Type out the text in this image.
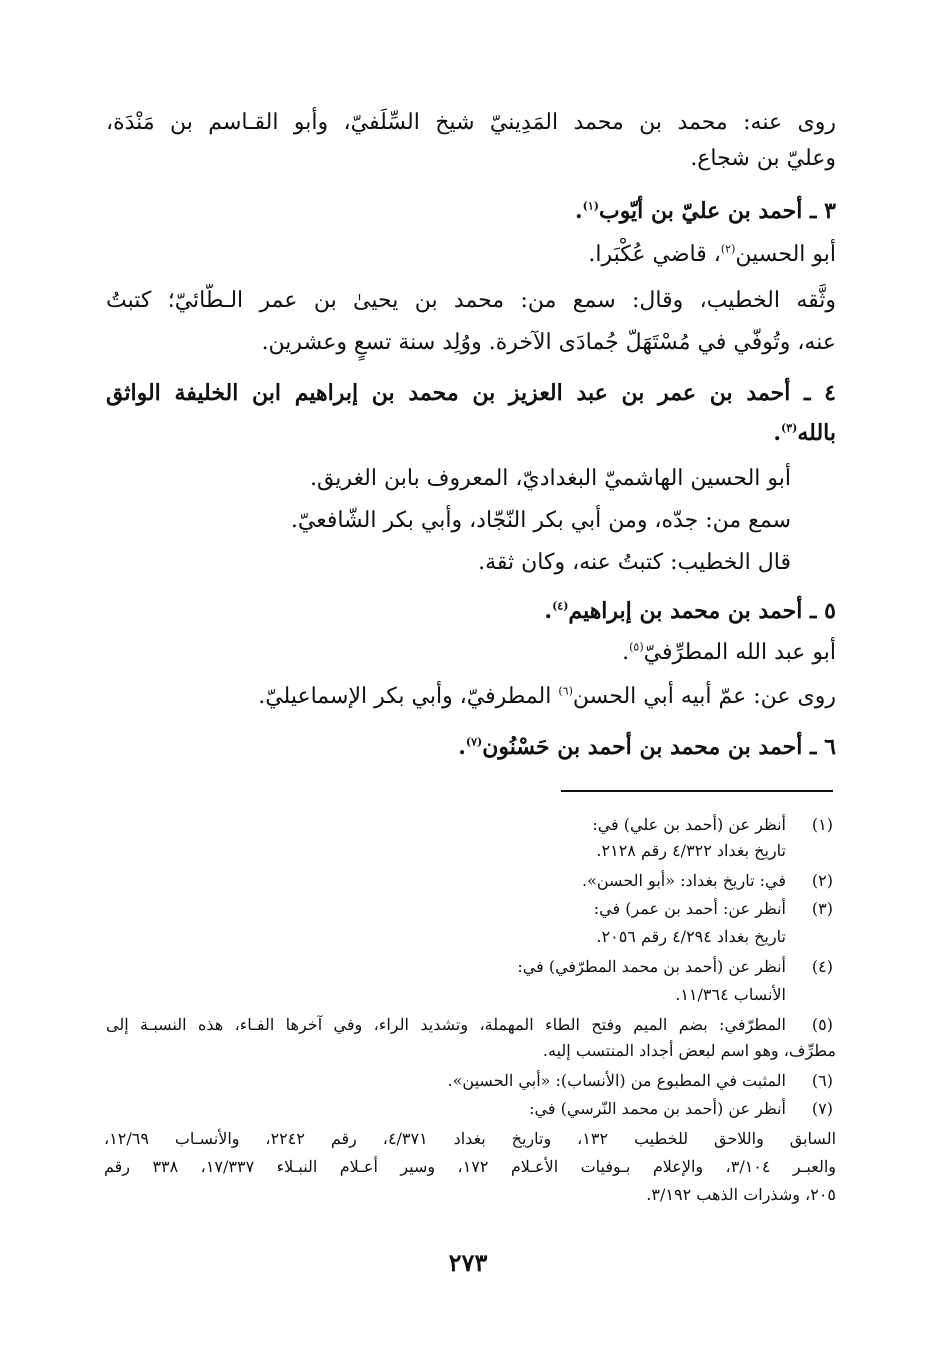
روى عنه: محمد بن محمد المَدِينيّ شيخ السِّلَفيّ، وأبو القـاسم بن مَنْدَة،
وعليّ بن شجاع.
٣ ـ أحمد بن عليّ بن أيّوب$^{(١)}$.
أبو الحسين$^{(٢)}$، قاضي عُكْبَرا.
وثَّقه الخطيب، وقال: سمع من: محمد بن يحيىٰ بن عمر الـطّائيّ؛ كتبتُ
عنه، وتُوفّي في مُسْتَهَلّ جُمادَى الآخرة. ووُلِد سنة تسعٍ وعشرين.
٤ ـ أحمد بن عمر بن عبد العزيز بن محمد بن إبراهيم ابن الخليفة الواثق
بالله$^{(٣)}$.
أبو الحسين الهاشميّ البغداديّ، المعروف بابن الغريق.
سمع من: جدّه، ومن أبي بكر النّجّاد، وأبي بكر الشّافعيّ.
قال الخطيب: كتبتُ عنه، وكان ثقة.
٥ ـ أحمد بن محمد بن إبراهيم$^{(٤)}$.
أبو عبد الله المطرِّفيّ$^{(٥)}$.
روى عن: عمّ أبيه أبي الحسن$^{(٦)}$ المطرفيّ، وأبي بكر الإسماعيليّ.
٦ ـ أحمد بن محمد بن أحمد بن حَسْنُون$^{(٧)}$.
(١)
أنظر عن (أحمد بن علي) في:
تاريخ بغداد ٤/٣٢٢ رقم ٢١٢٨.
(٢)
في: تاريخ بغداد: «أبو الحسن».
(٣)
أنظر عن: أحمد بن عمر) في:
تاريخ بغداد ٤/٢٩٤ رقم ٢٠٥٦.
(٤)
أنظر عن (أحمد بن محمد المطرّفي) في:
الأنساب ١١/٣٦٤.
(٥)
المطرّفي: بضم الميم وفتح الطاء المهملة، وتشديد الراء، وفي آخرها الفـاء، هذه النسبـة إلى
مطرِّف، وهو اسم لبعض أجداد المنتسب إليه.
(٦)
المثبت في المطبوع من (الأنساب): «أبي الحسين».
(٧)
أنظر عن (أحمد بن محمد النّرسي) في:
السابق واللاحق للخطيب ١٣٢، وتاريخ بغداد ٤/٣٧١، رقم ٢٢٤٢، والأنسـاب ١٢/٦٩،
والعبـر ٣/١٠٤، والإعلام بـوفيات الأعـلام ١٧٢، وسير أعـلام النبـلاء ١٧/٣٣٧، ٣٣٨ رقم
٢٠٥، وشذرات الذهب ٣/١٩٢.
٢٧٣
